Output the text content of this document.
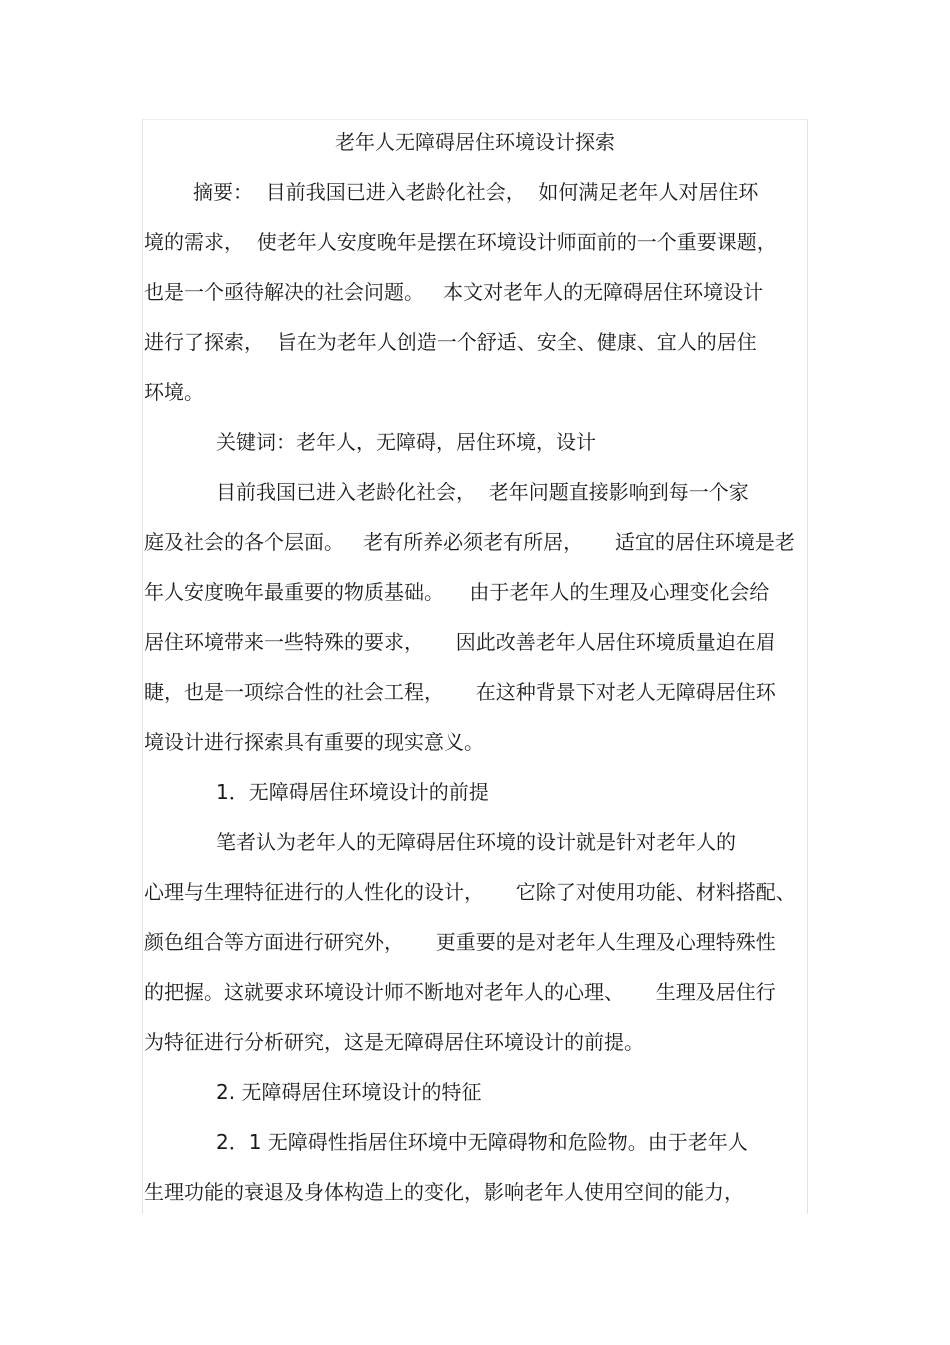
老年人无障碍居住环境设计探索
摘要：  目前我国已进入老龄化社会，  如何满足老年人对居住环
境的需求，  使老年人安度晚年是摆在环境设计师面前的一个重要课题，
也是一个亟待解决的社会问题。   本文对老年人的无障碍居住环境设计
进行了探索，  旨在为老年人创造一个舒适、安全、健康、宜人的居住
环境。
关键词：老年人，无障碍，居住环境，设计
目前我国已进入老龄化社会，  老年问题直接影响到每一个家
庭及社会的各个层面。   老有所养必须老有所居，     适宜的居住环境是老
年人安度晚年最重要的物质基础。    由于老年人的生理及心理变化会给
居住环境带来一些特殊的要求，     因此改善老年人居住环境质量迫在眉
睫，也是一项综合性的社会工程，     在这种背景下对老人无障碍居住环
境设计进行探索具有重要的现实意义。
1．无障碍居住环境设计的前提
笔者认为老年人的无障碍居住环境的设计就是针对老年人的
心理与生理特征进行的人性化的设计，     它除了对使用功能、材料搭配、
颜色组合等方面进行研究外，     更重要的是对老年人生理及心理特殊性
的把握。这就要求环境设计师不断地对老年人的心理、     生理及居住行
为特征进行分析研究，这是无障碍居住环境设计的前提。
2. 无障碍居住环境设计的特征
2．1 无障碍性指居住环境中无障碍物和危险物。由于老年人
生理功能的衰退及身体构造上的变化，影响老年人使用空间的能力，
